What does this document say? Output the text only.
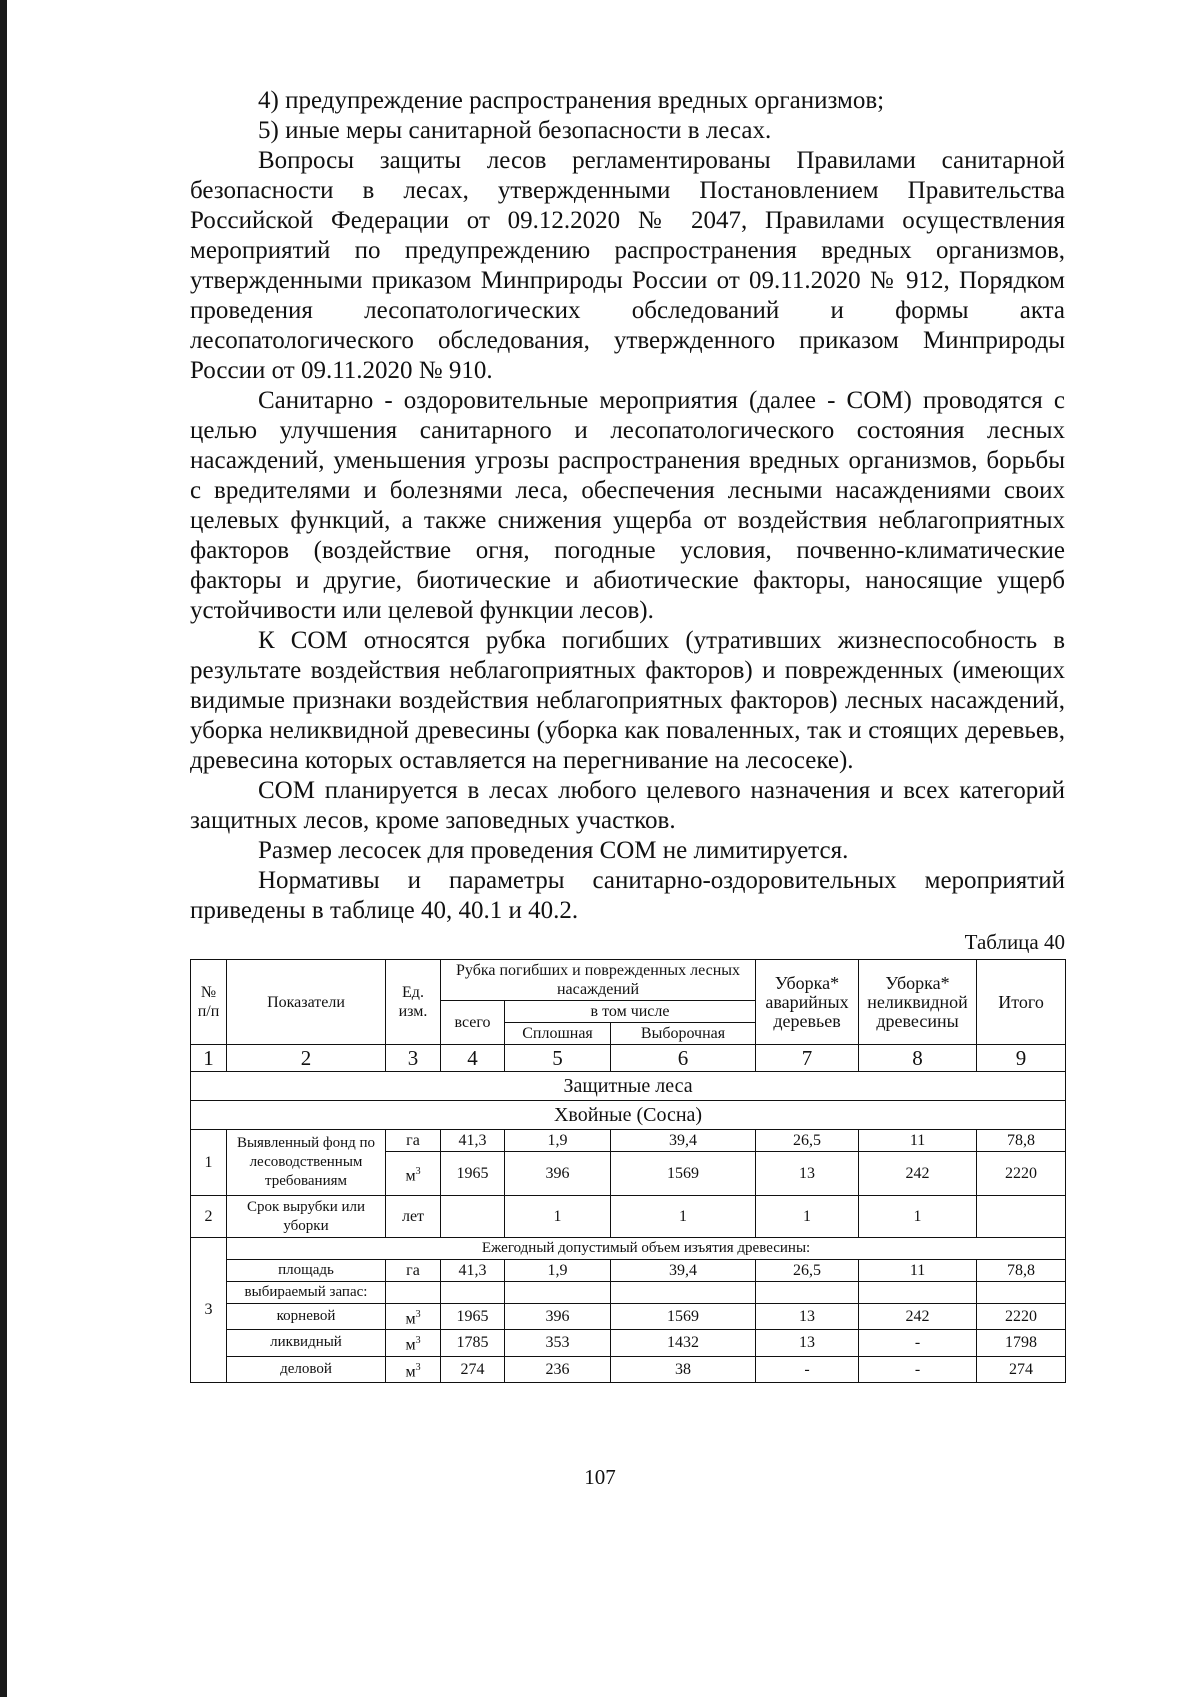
4) предупреждение распространения вредных организмов;

5) иные меры санитарной безопасности в лесах.

Вопросы защиты лесов регламентированы Правилами санитарной безопасности в лесах, утвержденными Постановлением Правительства Российской Федерации от 09.12.2020 № 2047, Правилами осуществления мероприятий по предупреждению распространения вредных организмов, утвержденными приказом Минприроды России от 09.11.2020 № 912, Порядком проведения лесопатологических обследований и формы акта лесопатологического обследования, утвержденного приказом Минприроды России от 09.11.2020 № 910.

Санитарно - оздоровительные мероприятия (далее - СОМ) проводятся с целью улучшения санитарного и лесопатологического состояния лесных насаждений, уменьшения угрозы распространения вредных организмов, борьбы с вредителями и болезнями леса, обеспечения лесными насаждениями своих целевых функций, а также снижения ущерба от воздействия неблагоприятных факторов (воздействие огня, погодные условия, почвенно-климатические факторы и другие, биотические и абиотические факторы, наносящие ущерб устойчивости или целевой функции лесов).

К СОМ относятся рубка погибших (утративших жизнеспособность в результате воздействия неблагоприятных факторов) и поврежденных (имеющих видимые признаки воздействия неблагоприятных факторов) лесных насаждений, уборка неликвидной древесины (уборка как поваленных, так и стоящих деревьев, древесина которых оставляется на перегнивание на лесосеке).

СОМ планируется в лесах любого целевого назначения и всех категорий защитных лесов, кроме заповедных участков.

Размер лесосек для проведения СОМ не лимитируется.

Нормативы и параметры санитарно-оздоровительных мероприятий приведены в таблице 40, 40.1 и 40.2.

Таблица 40
№ п/п	Показатели	Ед. изм.	Рубка погибших и поврежденных лесных насаждений			Уборка* аварийных деревьев	Уборка* неликвидной древесины	Итого
			всего	в том числе				
				Сплошная	Выборочная			
1	2	3	4	5	6	7	8	9
Защитные леса								
Хвойные (Сосна)								
1	Выявленный фонд по лесоводственным требованиям	га	41,3	1,9	39,4	26,5	11	78,8
		$м^3$	1965	396	1569	13	242	2220
2	Срок вырубки или уборки	лет		1	1	1	1	
3	Ежегодный допустимый объем изъятия древесины:							
	площадь	га	41,3	1,9	39,4	26,5	11	78,8
	выбираемый запас:							
	корневой	$м^3$	1965	396	1569	13	242	2220
	ликвидный	$м^3$	1785	353	1432	13	-	1798
	деловой	$м^3$	274	236	38	-	-	274
107
